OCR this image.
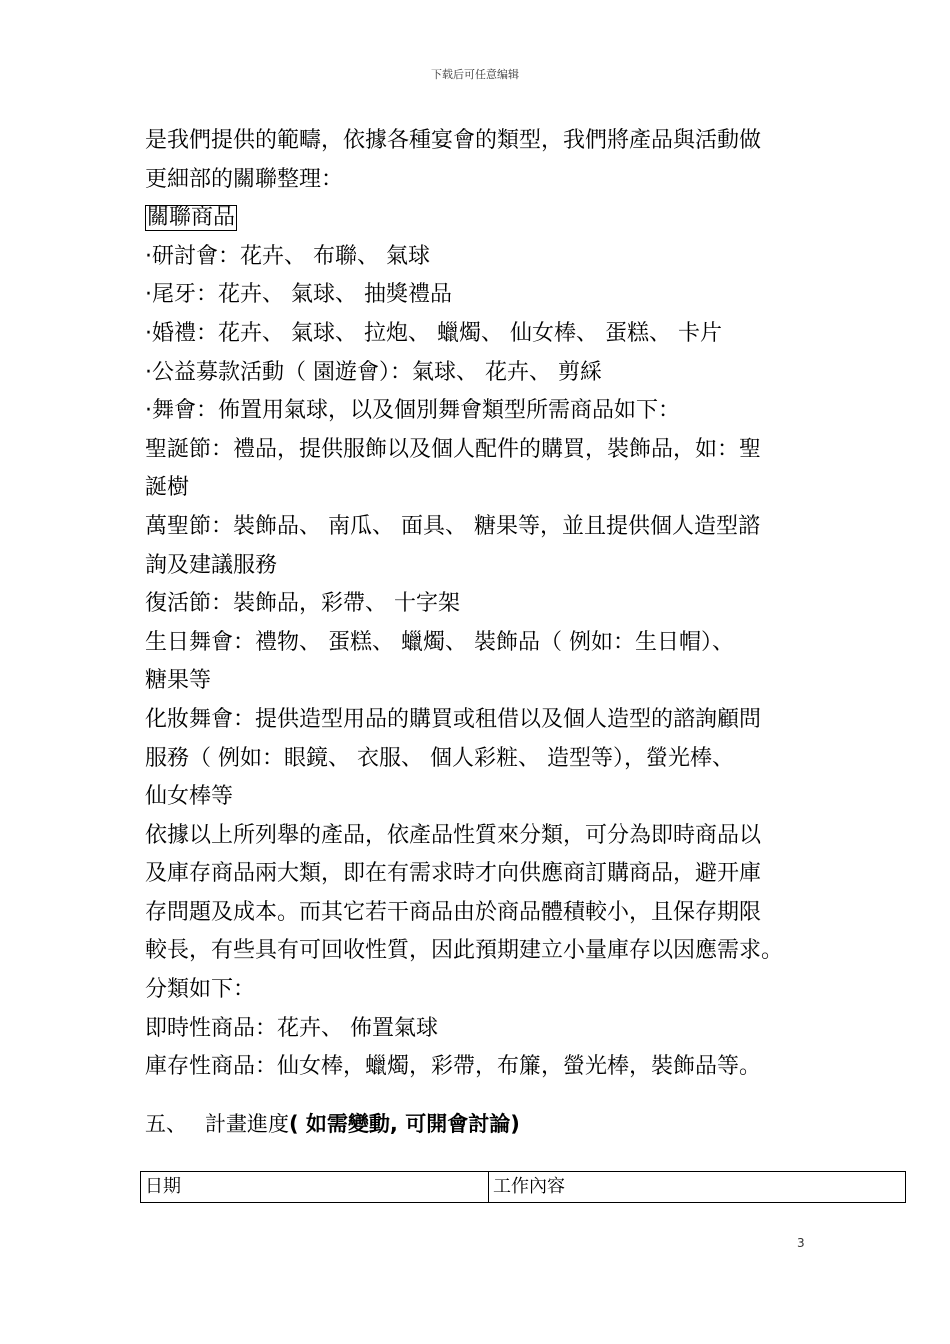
下载后可任意编辑
是我們提供的範疇，依據各種宴會的類型，我們將產品與活動做
更細部的關聯整理：
關聯商品
·研討會：花卉、 布聯、 氣球
·尾牙：花卉、 氣球、 抽獎禮品
·婚禮：花卉、 氣球、 拉炮、 蠟燭、 仙女棒、 蛋糕、 卡片
·公益募款活動（ 園遊會）：氣球、 花卉、 剪綵
·舞會：佈置用氣球，以及個別舞會類型所需商品如下：
聖誕節：禮品，提供服飾以及個人配件的購買，裝飾品，如：聖
誕樹
萬聖節：裝飾品、 南瓜、 面具、 糖果等，並且提供個人造型諮
詢及建議服務
復活節：裝飾品，彩帶、 十字架
生日舞會：禮物、 蛋糕、 蠟燭、 裝飾品（ 例如：生日帽）、
糖果等
化妝舞會：提供造型用品的購買或租借以及個人造型的諮詢顧問
服務（ 例如：眼鏡、 衣服、 個人彩粧、 造型等），螢光棒、
仙女棒等
依據以上所列舉的產品，依產品性質來分類，可分為即時商品以
及庫存商品兩大類，即在有需求時才向供應商訂購商品，避开庫
存問題及成本。而其它若干商品由於商品體積較小，且保存期限
較長，有些具有可回收性質，因此預期建立小量庫存以因應需求。
分類如下：
即時性商品：花卉、 佈置氣球
庫存性商品：仙女棒，蠟燭，彩帶，布簾，螢光棒，裝飾品等。
五、 計畫進度( 如需變動, 可開會討論)
日期	工作內容
3
